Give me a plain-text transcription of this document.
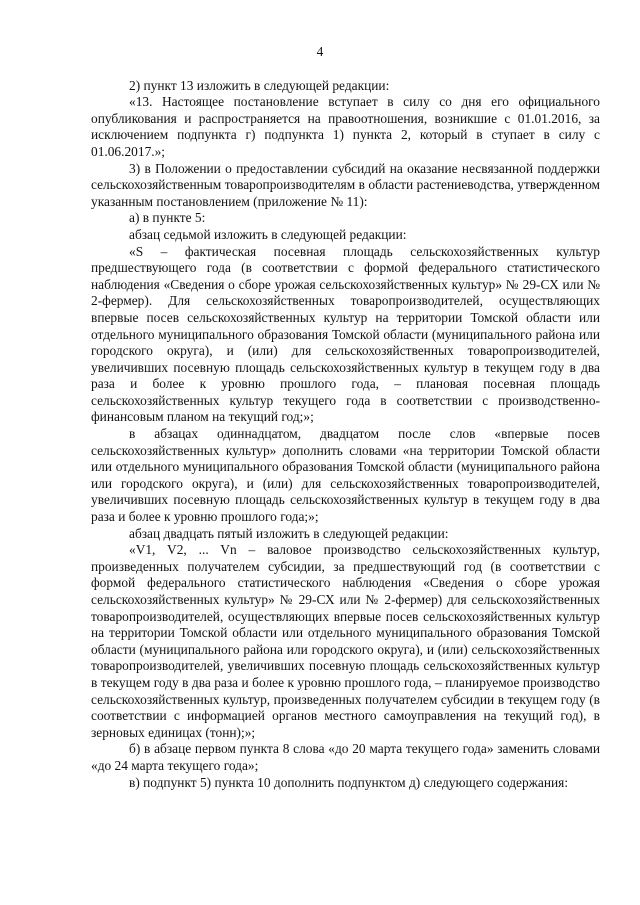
4

2) пункт 13 изложить в следующей редакции:

«13. Настоящее постановление вступает в силу со дня его официального опубликования и распространяется на правоотношения, возникшие с 01.01.2016, за исключением подпункта г) подпункта 1) пункта 2, который в ступает в силу с 01.06.2017.»;

3) в Положении о предоставлении субсидий на оказание несвязанной поддержки сельскохозяйственным товаропроизводителям в области растениеводства, утвержденном указанным постановлением (приложение № 11):

а) в пункте 5:

абзац седьмой изложить в следующей редакции:

«S – фактическая посевная площадь сельскохозяйственных культур предшествующего года (в соответствии с формой федерального статистического наблюдения «Сведения о сборе урожая сельскохозяйственных культур» № 29-СХ или № 2-фермер). Для сельскохозяйственных товаропроизводителей, осуществляющих впервые посев сельскохозяйственных культур на территории Томской области или отдельного муниципального образования Томской области (муниципального района или городского округа), и (или) для сельскохозяйственных товаропроизводителей, увеличивших посевную площадь сельскохозяйственных культур в текущем году в два раза и более к уровню прошлого года, – плановая посевная площадь сельскохозяйственных культур текущего года в соответствии с производственно-финансовым планом на текущий год;»;

в абзацах одиннадцатом, двадцатом после слов «впервые посев сельскохозяйственных культур» дополнить словами «на территории Томской области или отдельного муниципального образования Томской области (муниципального района или городского округа), и (или) для сельскохозяйственных товаропроизводителей, увеличивших посевную площадь сельскохозяйственных культур в текущем году в два раза и более к уровню прошлого года;»;

абзац двадцать пятый изложить в следующей редакции:

«V1, V2, ... Vn – валовое производство сельскохозяйственных культур, произведенных получателем субсидии, за предшествующий год (в соответствии с формой федерального статистического наблюдения «Сведения о сборе урожая сельскохозяйственных культур» № 29-СХ или № 2-фермер) для сельскохозяйственных товаропроизводителей, осуществляющих впервые посев сельскохозяйственных культур на территории Томской области или отдельного муниципального образования Томской области (муниципального района или городского округа), и (или) сельскохозяйственных товаропроизводителей, увеличивших посевную площадь сельскохозяйственных культур в текущем году в два раза и более к уровню прошлого года, – планируемое производство сельскохозяйственных культур, произведенных получателем субсидии в текущем году (в соответствии с информацией органов местного самоуправления на текущий год), в зерновых единицах (тонн);»;

б) в абзаце первом пункта 8 слова «до 20 марта текущего года» заменить словами «до 24 марта текущего года»;

в) подпункт 5) пункта 10 дополнить подпунктом д) следующего содержания:
